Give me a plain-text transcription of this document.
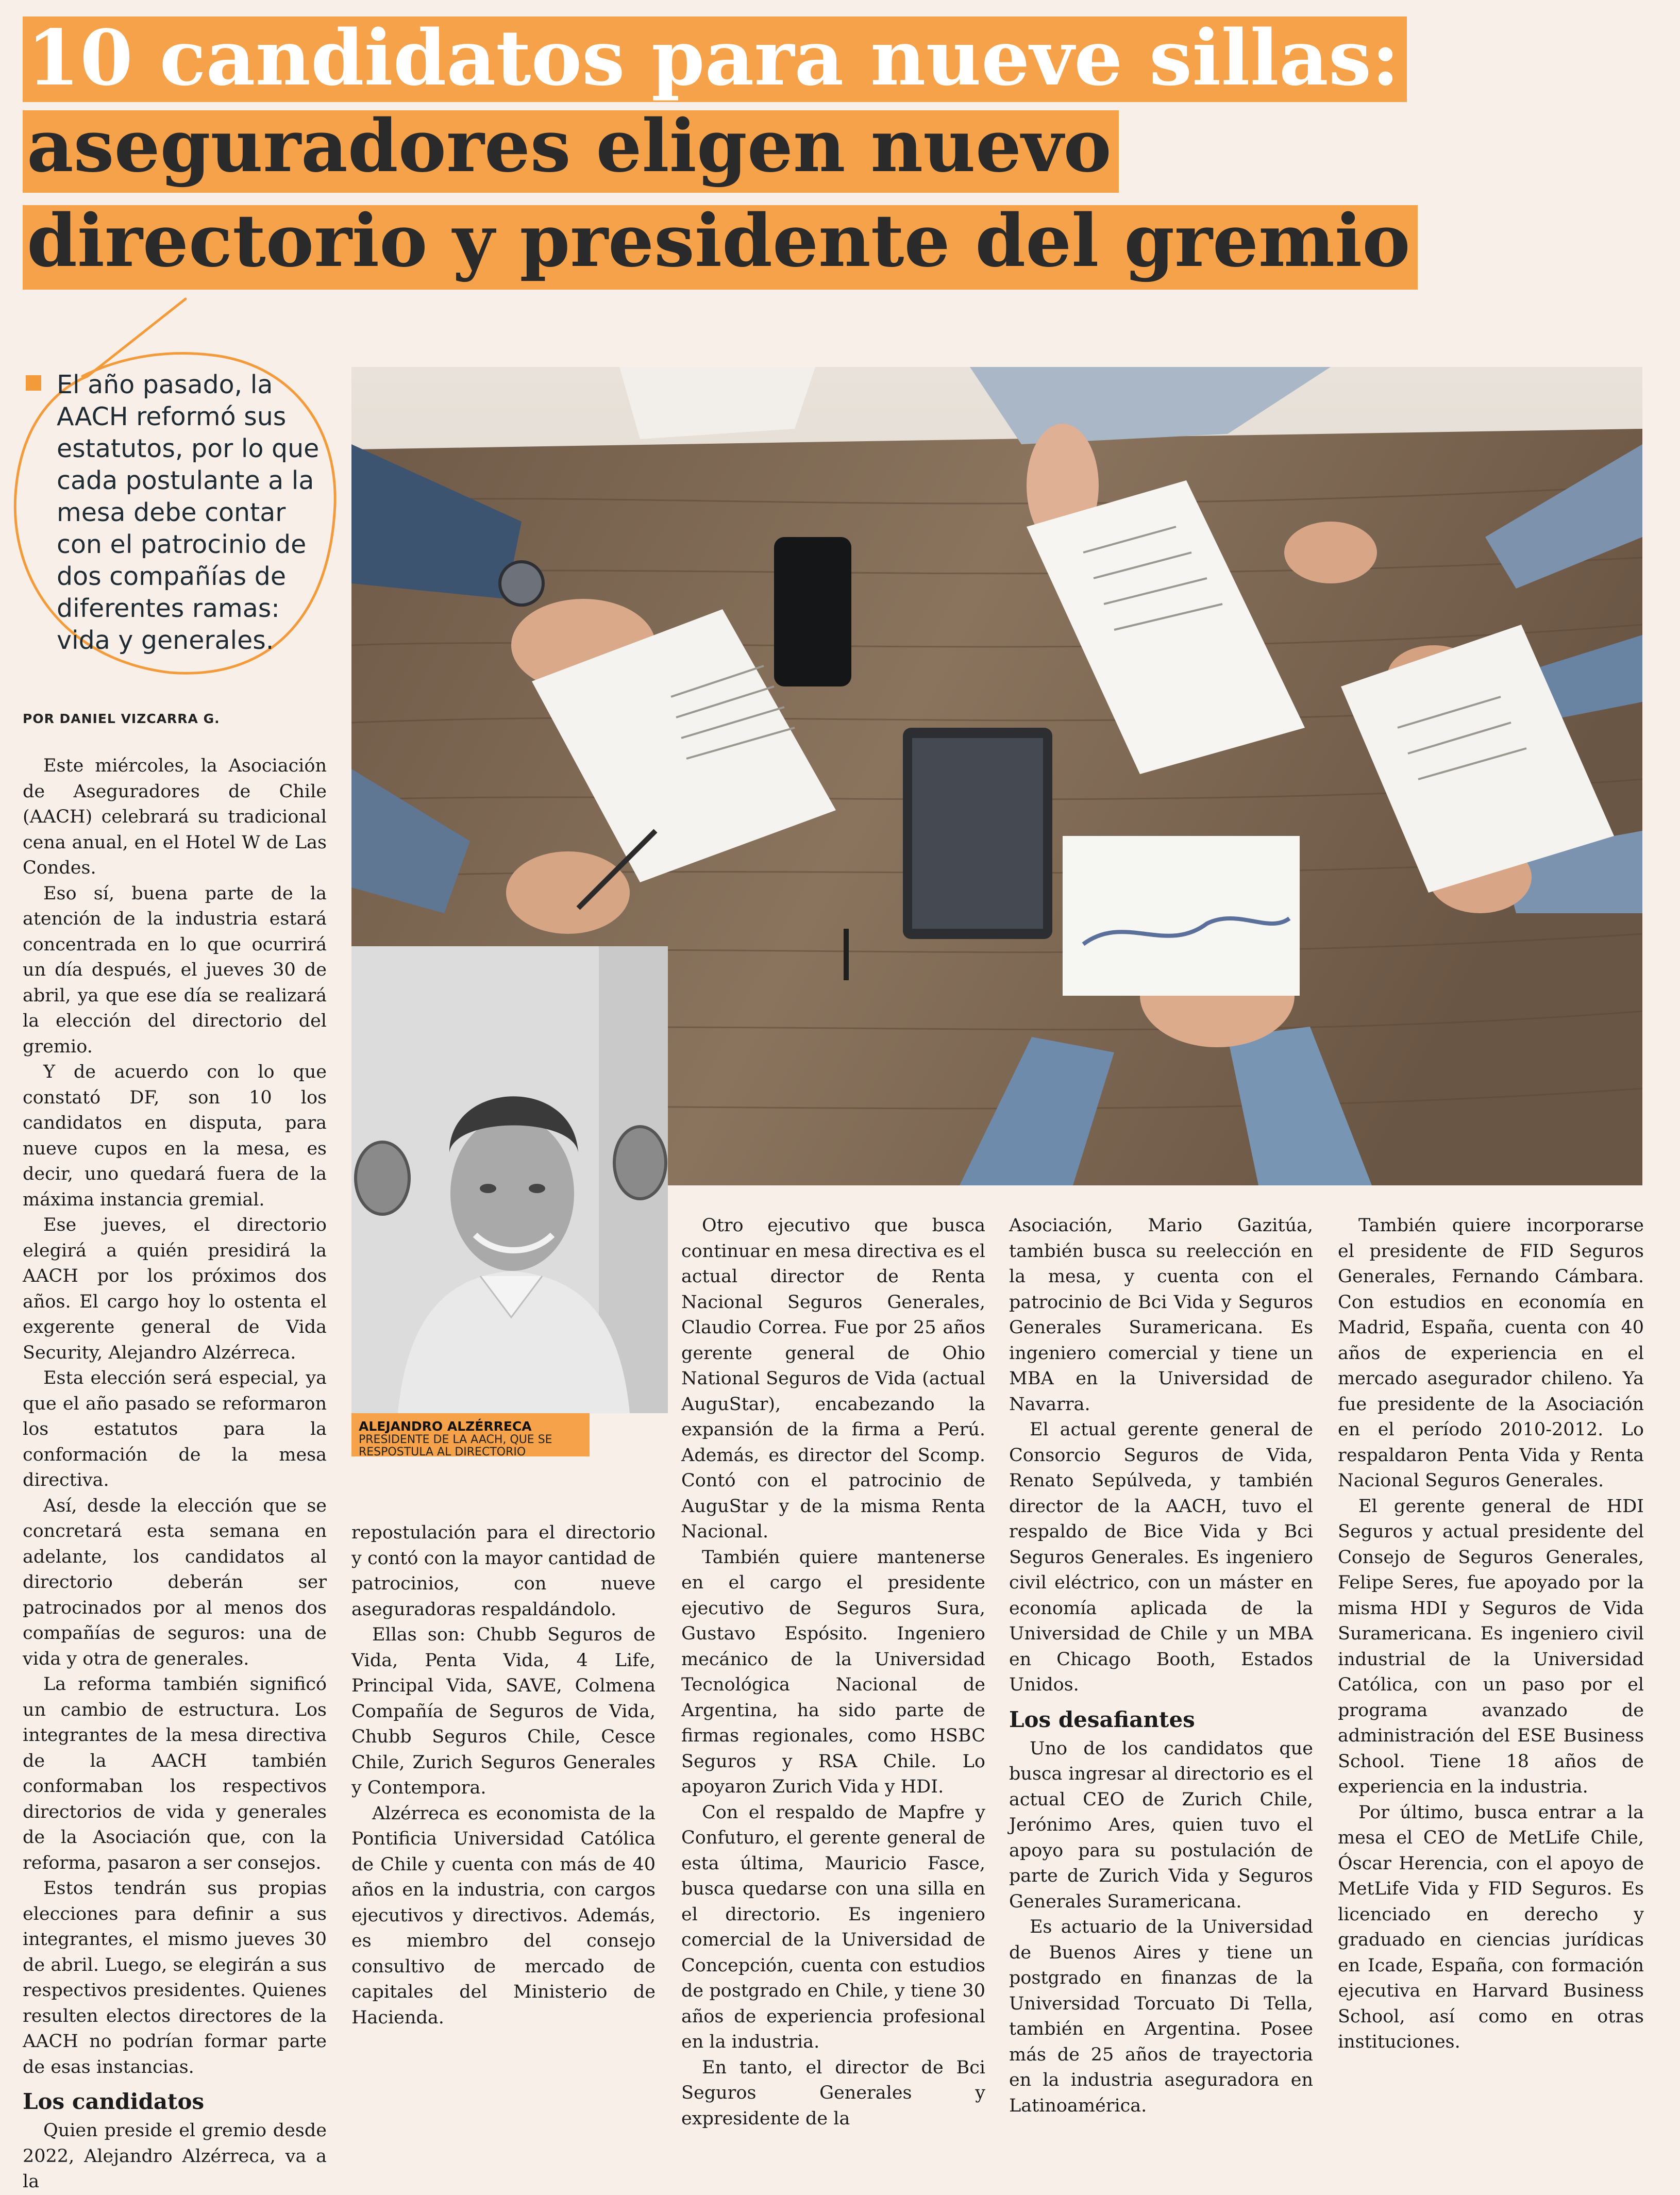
10 candidatos para nueve sillas:
aseguradores eligen nuevo
directorio y presidente del gremio

El año pasado, la AACH reformó sus estatutos, por lo que cada postulante a la mesa debe contar con el patrocinio de dos compañías de diferentes ramas: vida y generales.

POR DANIEL VIZCARRA G.
ALEJANDRO ALZÉRRECA
PRESIDENTE DE LA AACH, QUE SE RESPOSTULA AL DIRECTORIO

Este miércoles, la Asociación de Aseguradores de Chile (AACH) celebrará su tradicional cena anual, en el Hotel W de Las Condes.

Eso sí, buena parte de la atención de la industria estará concentrada en lo que ocurrirá un día después, el jueves 30 de abril, ya que ese día se realizará la elección del directorio del gremio.

Y de acuerdo con lo que constató DF, son 10 los candidatos en disputa, para nueve cupos en la mesa, es decir, uno quedará fuera de la máxima instancia gremial.

Ese jueves, el directorio elegirá a quién presidirá la AACH por los próximos dos años. El cargo hoy lo ostenta el exgerente general de Vida Security, Alejandro Alzérreca.

Esta elección será especial, ya que el año pasado se reformaron los estatutos para la conformación de la mesa directiva.

Así, desde la elección que se concretará esta semana en adelante, los candidatos al directorio deberán ser patrocinados por al menos dos compañías de seguros: una de vida y otra de generales.

La reforma también significó un cambio de estructura. Los integrantes de la mesa directiva de la AACH también conformaban los respectivos directorios de vida y generales de la Asociación que, con la reforma, pasaron a ser consejos.

Estos tendrán sus propias elecciones para definir a sus integrantes, el mismo jueves 30 de abril. Luego, se elegirán a sus respectivos presidentes. Quienes resulten electos directores de la AACH no podrían formar parte de esas instancias.

Los candidatos

Quien preside el gremio desde 2022, Alejandro Alzérreca, va a la

repostulación para el directorio y contó con la mayor cantidad de patrocinios, con nueve aseguradoras respaldándolo.

Ellas son: Chubb Seguros de Vida, Penta Vida, 4 Life, Principal Vida, SAVE, Colmena Compañía de Seguros de Vida, Chubb Seguros Chile, Cesce Chile, Zurich Seguros Generales y Contempora.

Alzérreca es economista de la Pontificia Universidad Católica de Chile y cuenta con más de 40 años en la industria, con cargos ejecutivos y directivos. Además, es miembro del consejo consultivo de mercado de capitales del Ministerio de Hacienda.

Otro ejecutivo que busca continuar en mesa directiva es el actual director de Renta Nacional Seguros Generales, Claudio Correa. Fue por 25 años gerente general de Ohio National Seguros de Vida (actual AuguStar), encabezando la expansión de la firma a Perú. Además, es director del Scomp. Contó con el patrocinio de AuguStar y de la misma Renta Nacional.

También quiere mantenerse en el cargo el presidente ejecutivo de Seguros Sura, Gustavo Espósito. Ingeniero mecánico de la Universidad Tecnológica Nacional de Argentina, ha sido parte de firmas regionales, como HSBC Seguros y RSA Chile. Lo apoyaron Zurich Vida y HDI.

Con el respaldo de Mapfre y Confuturo, el gerente general de esta última, Mauricio Fasce, busca quedarse con una silla en el directorio. Es ingeniero comercial de la Universidad de Concepción, cuenta con estudios de postgrado en Chile, y tiene 30 años de experiencia profesional en la industria.

En tanto, el director de Bci Seguros Generales y expresidente de la

Asociación, Mario Gazitúa, también busca su reelección en la mesa, y cuenta con el patrocinio de Bci Vida y Seguros Generales Suramericana. Es ingeniero comercial y tiene un MBA en la Universidad de Navarra.

El actual gerente general de Consorcio Seguros de Vida, Renato Sepúlveda, y también director de la AACH, tuvo el respaldo de Bice Vida y Bci Seguros Generales. Es ingeniero civil eléctrico, con un máster en economía aplicada de la Universidad de Chile y un MBA en Chicago Booth, Estados Unidos.

Los desafiantes

Uno de los candidatos que busca ingresar al directorio es el actual CEO de Zurich Chile, Jerónimo Ares, quien tuvo el apoyo para su postulación de parte de Zurich Vida y Seguros Generales Suramericana.

Es actuario de la Universidad de Buenos Aires y tiene un postgrado en finanzas de la Universidad Torcuato Di Tella, también en Argentina. Posee más de 25 años de trayectoria en la industria aseguradora en Latinoamérica.

También quiere incorporarse el presidente de FID Seguros Generales, Fernando Cámbara. Con estudios en economía en Madrid, España, cuenta con 40 años de experiencia en el mercado asegurador chileno. Ya fue presidente de la Asociación en el período 2010-2012. Lo respaldaron Penta Vida y Renta Nacional Seguros Generales.

El gerente general de HDI Seguros y actual presidente del Consejo de Seguros Generales, Felipe Seres, fue apoyado por la misma HDI y Seguros de Vida Suramericana. Es ingeniero civil industrial de la Universidad Católica, con un paso por el programa avanzado de administración del ESE Business School. Tiene 18 años de experiencia en la industria.

Por último, busca entrar a la mesa el CEO de MetLife Chile, Óscar Herencia, con el apoyo de MetLife Vida y FID Seguros. Es licenciado en derecho y graduado en ciencias jurídicas en Icade, España, con formación ejecutiva en Harvard Business School, así como en otras instituciones.
